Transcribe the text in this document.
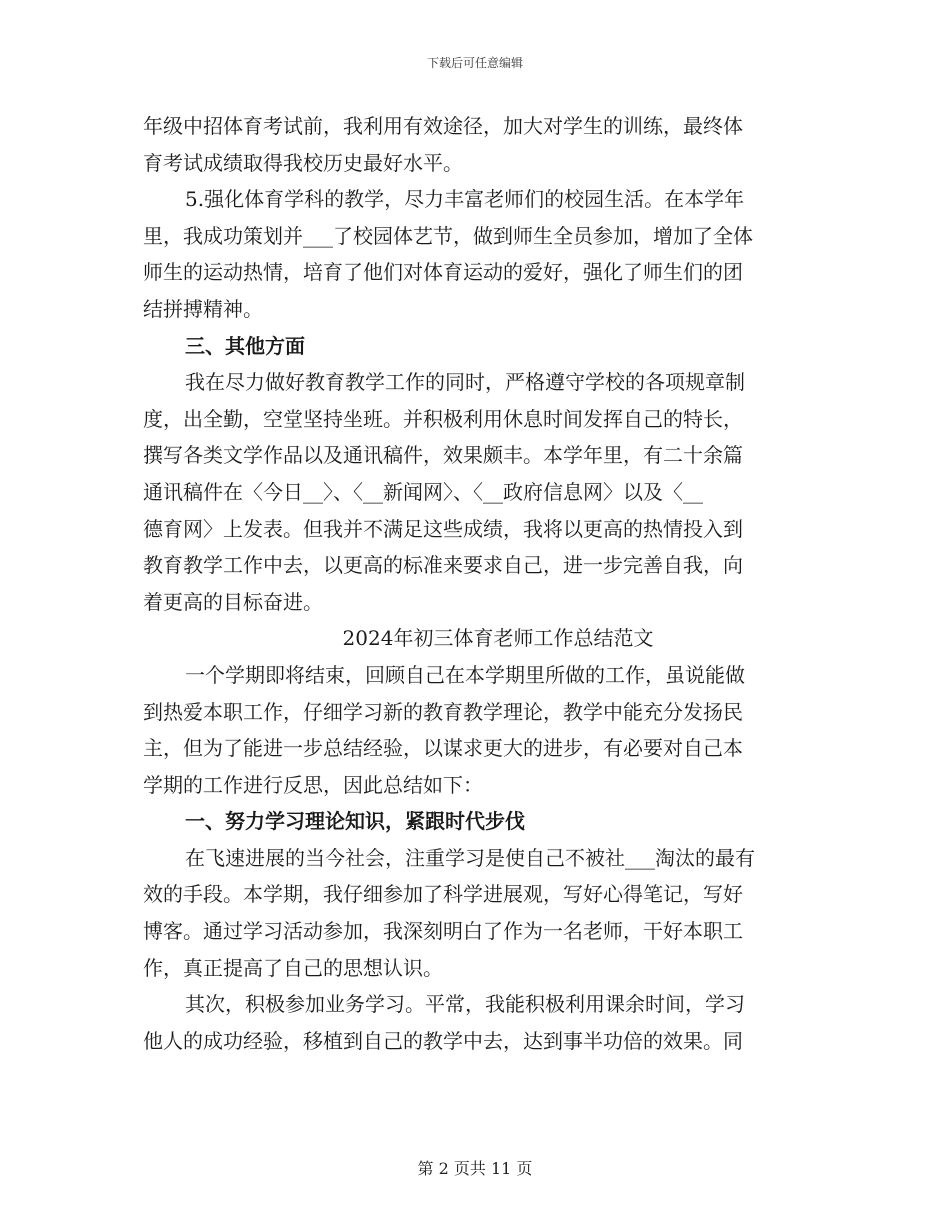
下载后可任意编辑
年级中招体育考试前，我利用有效途径，加大对学生的训练，最终体
育考试成绩取得我校历史最好水平。
5.强化体育学科的教学，尽力丰富老师们的校园生活。在本学年
里，我成功策划并___了校园体艺节，做到师生全员参加，增加了全体
师生的运动热情，培育了他们对体育运动的爱好，强化了师生们的团
结拼搏精神。
三、其他方面
我在尽力做好教育教学工作的同时，严格遵守学校的各项规章制
度，出全勤，空堂坚持坐班。并积极利用休息时间发挥自己的特长，
撰写各类文学作品以及通讯稿件，效果颇丰。本学年里，有二十余篇
通讯稿件在〈今日__〉、〈__新闻网〉、〈__政府信息网〉以及〈__
德育网〉上发表。但我并不满足这些成绩，我将以更高的热情投入到
教育教学工作中去，以更高的标准来要求自己，进一步完善自我，向
着更高的目标奋进。
2024年初三体育老师工作总结范文
一个学期即将结束，回顾自己在本学期里所做的工作，虽说能做
到热爱本职工作，仔细学习新的教育教学理论，教学中能充分发扬民
主，但为了能进一步总结经验，以谋求更大的进步，有必要对自己本
学期的工作进行反思，因此总结如下：
一、努力学习理论知识，紧跟时代步伐
在飞速进展的当今社会，注重学习是使自己不被社___淘汰的最有
效的手段。本学期，我仔细参加了科学进展观，写好心得笔记，写好
博客。通过学习活动参加，我深刻明白了作为一名老师，干好本职工
作，真正提高了自己的思想认识。
其次，积极参加业务学习。平常，我能积极利用课余时间，学习
他人的成功经验，移植到自己的教学中去，达到事半功倍的效果。同
第 2 页共 11 页
